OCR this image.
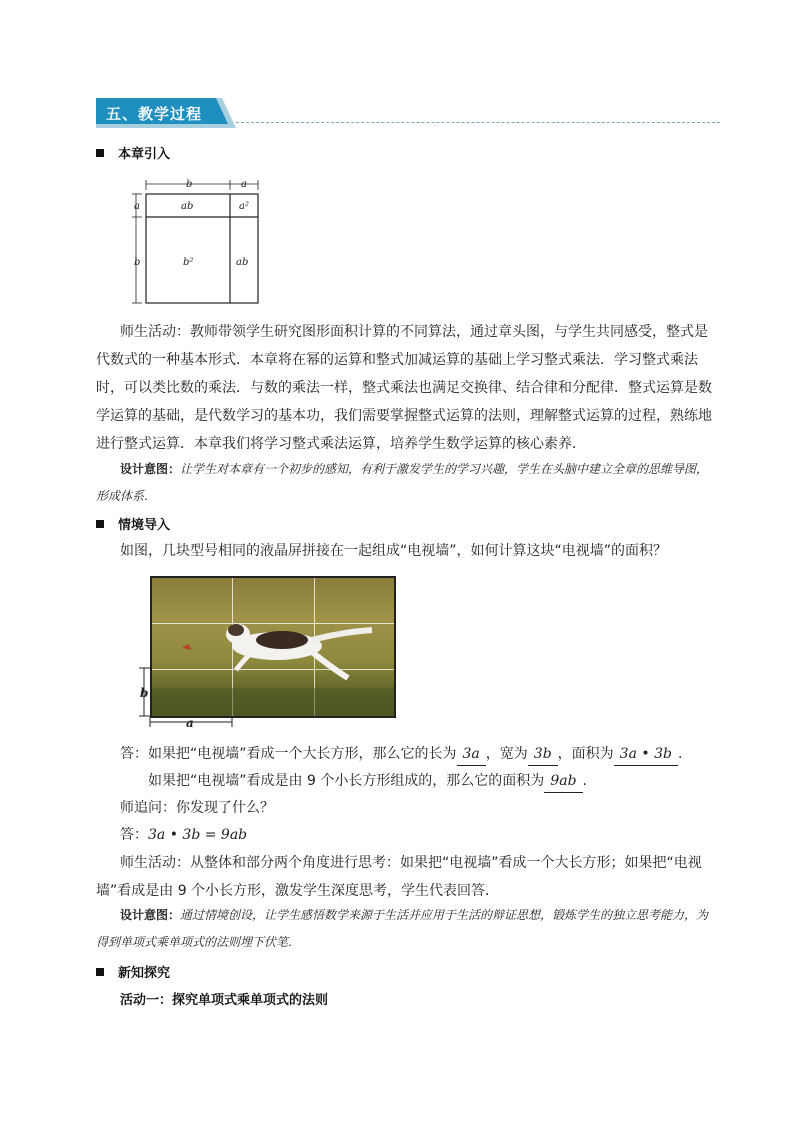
五、教学过程
本章引入
b	a
a
b
ab	a²
b²	ab
师生活动：教师带领学生研究图形面积计算的不同算法，通过章头图，与学生共同感受，整式是代数式的一种基本形式．本章将在幂的运算和整式加减运算的基础上学习整式乘法．学习整式乘法时，可以类比数的乘法．与数的乘法一样，整式乘法也满足交换律、结合律和分配律．整式运算是数学运算的基础，是代数学习的基本功，我们需要掌握整式运算的法则，理解整式运算的过程，熟练地进行整式运算．本章我们将学习整式乘法运算，培养学生数学运算的核心素养．
设计意图：让学生对本章有一个初步的感知，有利于激发学生的学习兴趣，学生在头脑中建立全章的思维导图，形成体系．
情境导入
如图，几块型号相同的液晶屏拼接在一起组成“电视墙”，如何计算这块“电视墙”的面积？
b
a
答：如果把“电视墙”看成一个大长方形，那么它的长为 3a ，宽为 3b ，面积为 3a • 3b .
如果把“电视墙”看成是由 9 个小长方形组成的，那么它的面积为 9ab .
师追问：你发现了什么？
答：3a • 3b = 9ab
师生活动：从整体和部分两个角度进行思考：如果把“电视墙”看成一个大长方形；如果把“电视墙”看成是由 9 个小长方形，激发学生深度思考，学生代表回答．
设计意图：通过情境创设，让学生感悟数学来源于生活并应用于生活的辩证思想，锻炼学生的独立思考能力，为得到单项式乘单项式的法则埋下伏笔．
新知探究
活动一：探究单项式乘单项式的法则
